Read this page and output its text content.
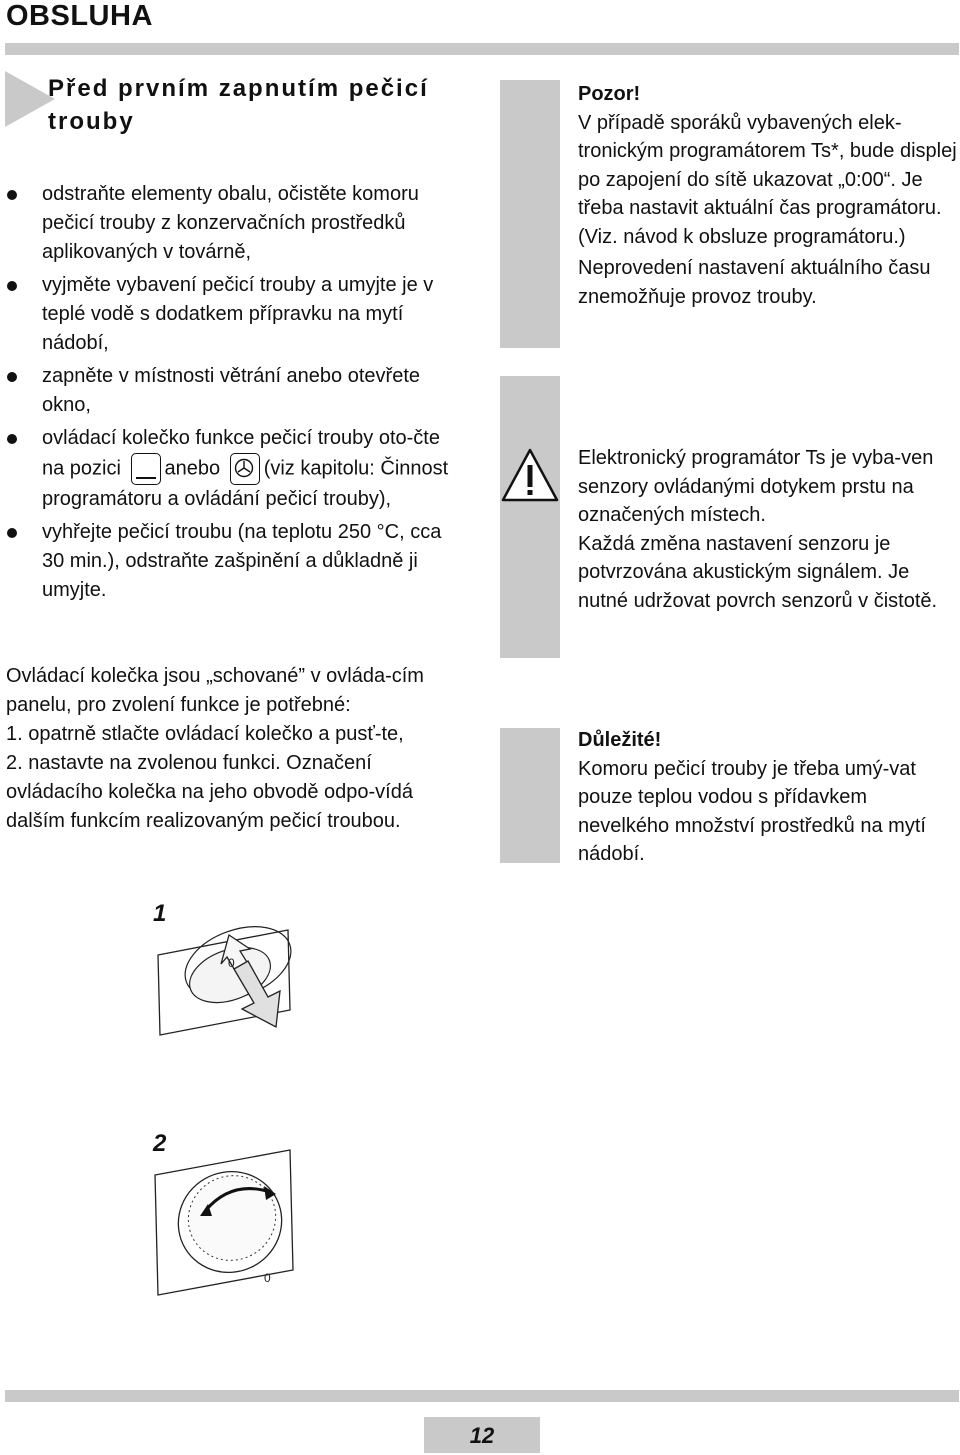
OBSLUHA
Před prvním zapnutím pečicí trouby
odstraňte elementy obalu, očistěte komoru pečicí trouby z konzervačních prostředků aplikovaných v továrně,
vyjměte vybavení pečicí trouby a umyjte je v teplé vodě s dodatkem přípravku na mytí nádobí,
zapněte v místnosti větrání anebo otevřete okno,
ovládací kolečko funkce pečicí trouby oto-čte na pozici anebo (viz kapitolu: Činnost programátoru a ovládání pečicí trouby),
vyhřejte pečicí troubu (na teplotu 250 °C, cca 30 min.), odstraňte zašpinění a důkladně ji umyjte.

Ovládací kolečka jsou „schované” v ovláda-cím panelu, pro zvolení funkce je potřebné:

1. opatrně stlačte ovládací kolečko a pusť-te,

2. nastavte na zvolenou funkci. Označení ovládacího kolečka na jeho obvodě odpo-vídá dalším funkcím realizovaným pečicí troubou.

1
0
2
0

Pozor!

V případě sporáků vybavených elek-tronickým programátorem Ts*, bude displej po zapojení do sítě ukazovat „0:00“. Je třeba nastavit aktuální čas programátoru. (Viz. návod k obsluze programátoru.)

Neprovedení nastavení aktuálního času znemožňuje provoz trouby.

Elektronický programátor Ts je vyba-ven senzory ovládanými dotykem prstu na označených místech.

Každá změna nastavení senzoru je potvrzována akustickým signálem. Je nutné udržovat povrch senzorů v čistotě.

Důležité!

Komoru pečicí trouby je třeba umý-vat pouze teplou vodou s přídavkem nevelkého množství prostředků na mytí nádobí.

12
